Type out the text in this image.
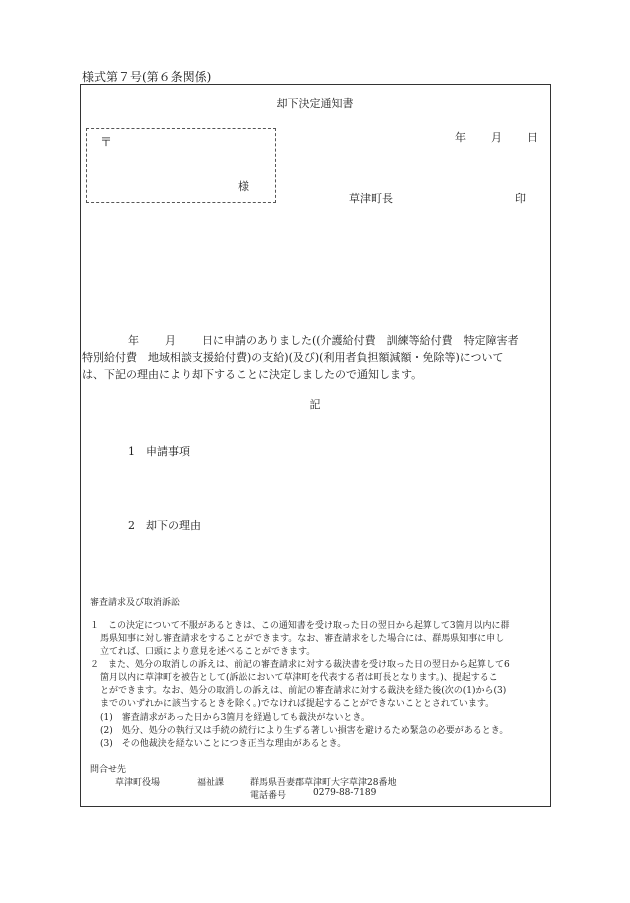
様式第７号(第６条関係)
却下決定通知書
〒
様
年 月 日
草津町長	印
年 月 日に申請のありました((介護給付費　訓練等給付費　特定障害者
特別給付費　地域相談支援給付費)の支給)(及び)(利用者負担額減額・免除等)について
は、下記の理由により却下することに決定しましたので通知します。
記
1　 申請事項
2　 却下の理由
審査請求及び取消訴訟
１　この決定について不服があるときは、この通知書を受け取った日の翌日から起算して3箇月以内に群
馬県知事に対し審査請求をすることができます。なお、審査請求をした場合には、群馬県知事に申し
立てれば、口頭により意見を述べることができます。
２　また、処分の取消しの訴えは、前記の審査請求に対する裁決書を受け取った日の翌日から起算して6
箇月以内に草津町を被告として(訴訟において草津町を代表する者は町長となります。)、提起するこ
とができます。なお、処分の取消しの訴えは、前記の審査請求に対する裁決を経た後(次の(1)から(3)
までのいずれかに該当するときを除く。)でなければ提起することができないこととされています。
(1)　審査請求があった日から3箇月を経過しても裁決がないとき。
(2)　処分、処分の執行又は手続の続行により生ずる著しい損害を避けるため緊急の必要があるとき。
(3)　その他裁決を経ないことにつき正当な理由があるとき。
問合せ先
草津町役場	福祉課	群馬県吾妻郡草津町大字草津28番地
電話番号	0279-88-7189
